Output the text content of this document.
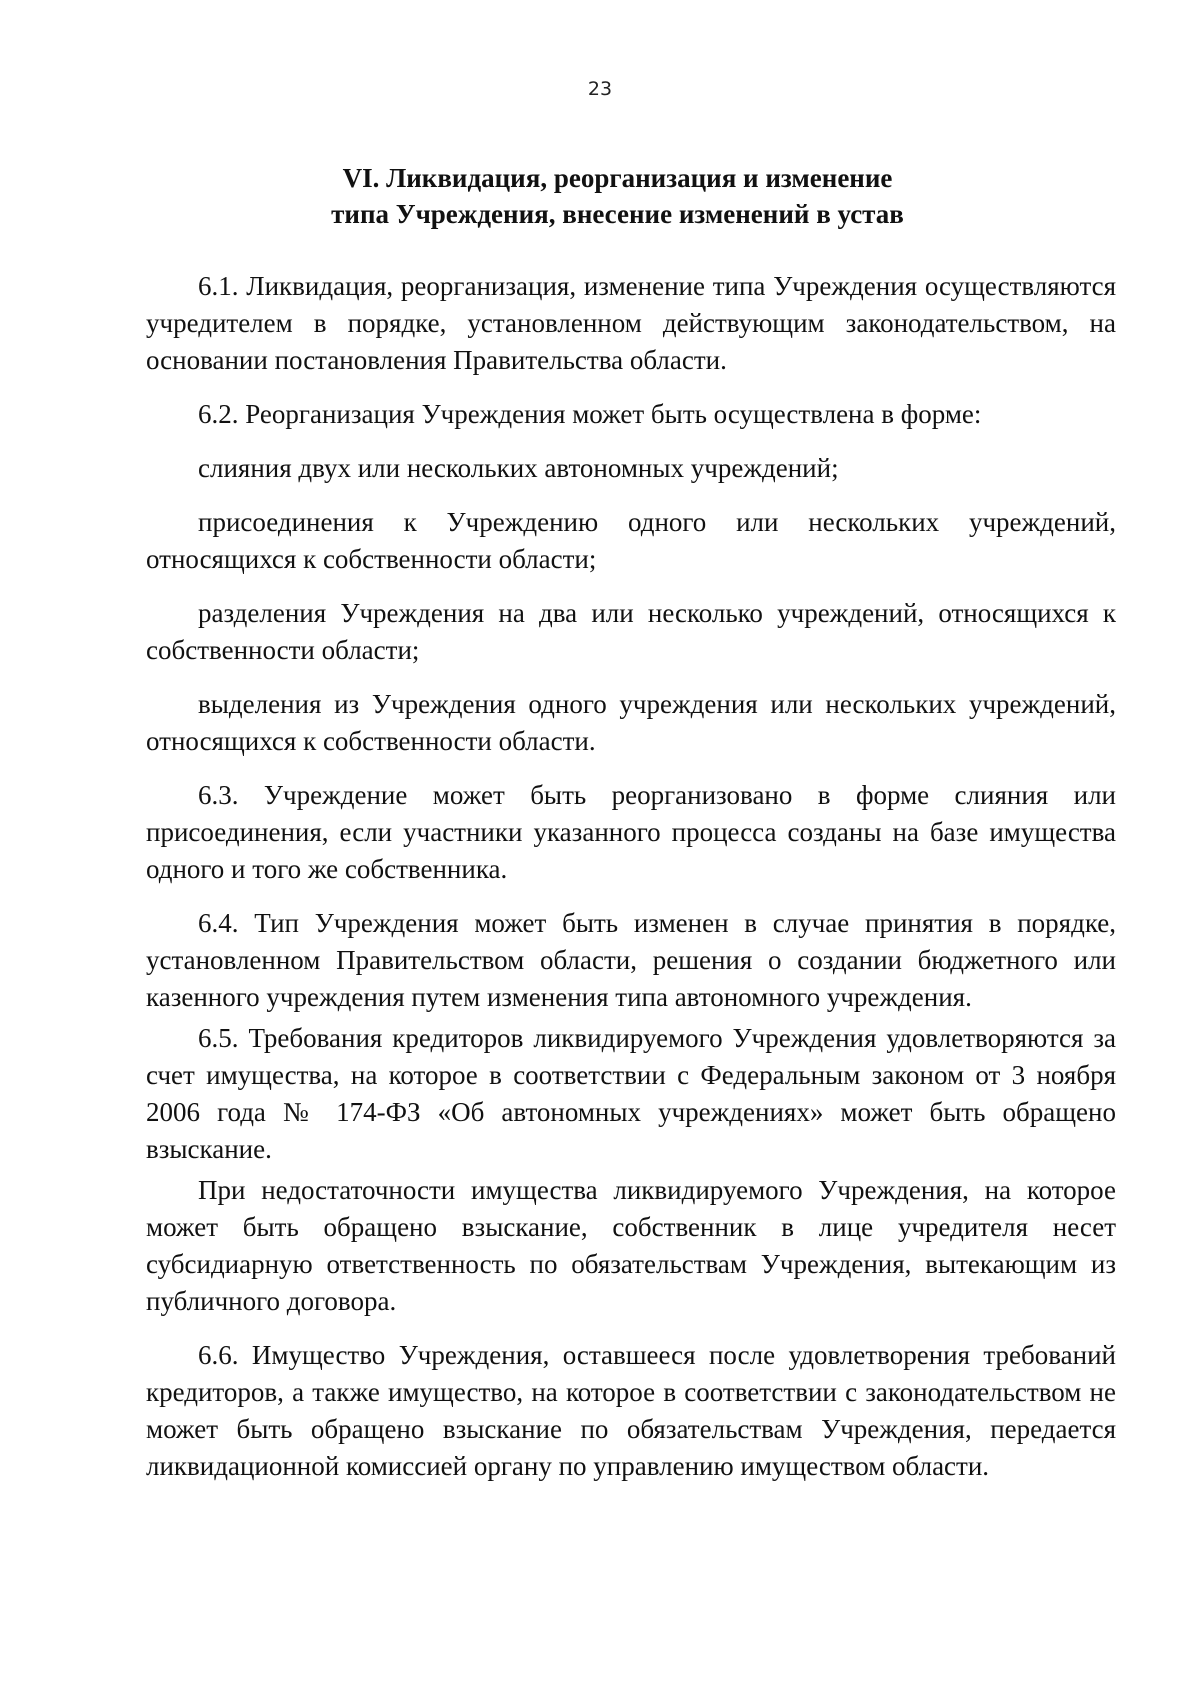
23
VI. Ликвидация, реорганизация и изменение
типа Учреждения, внесение изменений в устав

6.1. Ликвидация, реорганизация, изменение типа Учреждения осуществляются учредителем в порядке, установленном действующим законодательством, на основании постановления Правительства области.

6.2. Реорганизация Учреждения может быть осуществлена в форме:

слияния двух или нескольких автономных учреждений;

присоединения к Учреждению одного или нескольких учреждений, относящихся к собственности области;

разделения Учреждения на два или несколько учреждений, относящихся к собственности области;

выделения из Учреждения одного учреждения или нескольких учреждений, относящихся к собственности области.

6.3. Учреждение может быть реорганизовано в форме слияния или присоединения, если участники указанного процесса созданы на базе имущества одного и того же собственника.

6.4. Тип Учреждения может быть изменен в случае принятия в порядке, установленном Правительством области, решения о создании бюджетного или казенного учреждения путем изменения типа автономного учреждения.

6.5. Требования кредиторов ликвидируемого Учреждения удовлетворяются за счет имущества, на которое в соответствии с Федеральным законом от 3 ноября 2006 года № 174-ФЗ «Об автономных учреждениях» может быть обращено взыскание.

При недостаточности имущества ликвидируемого Учреждения, на которое может быть обращено взыскание, собственник в лице учредителя несет субсидиарную ответственность по обязательствам Учреждения, вытекающим из публичного договора.

6.6. Имущество Учреждения, оставшееся после удовлетворения требований кредиторов, а также имущество, на которое в соответствии с законодательством не может быть обращено взыскание по обязательствам Учреждения, передается ликвидационной комиссией органу по управлению имуществом области.
